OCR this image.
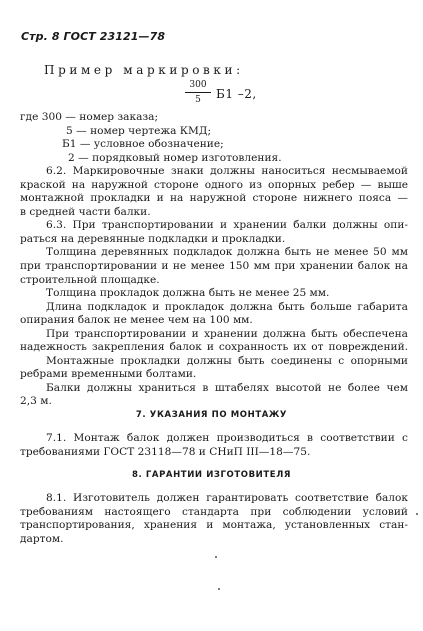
Стр. 8 ГОСТ 23121—78
Пример маркировки:
$\frac{300}{5} Б1$ –2,
где 300 — номер заказа;
5 — номер чертежа КМД;
Б1 — условное обозначение;
2 — порядковый номер изготовления.
6.2. Маркировочные знаки должны наноситься несмываемой
краской на наружной стороне одного из опорных ребер — выше
монтажной прокладки и на наружной стороне нижнего пояса —
в средней части балки.
6.3. При транспортировании и хранении балки должны опи-
раться на деревянные подкладки и прокладки.
Толщина деревянных подкладок должна быть не менее 50 мм
при транспортировании и не менее 150 мм при хранении балок на
строительной площадке.
Толщина прокладок должна быть не менее 25 мм.
Длина подкладок и прокладок должна быть больше габарита
опирания балок не менее чем на 100 мм.
При транспортировании и хранении должна быть обеспечена
надежность закрепления балок и сохранность их от повреждений.
Монтажные прокладки должны быть соединены с опорными
ребрами временными болтами.
Балки должны храниться в штабелях высотой не более чем
2,3 м.
7. УКАЗАНИЯ ПО МОНТАЖУ
7.1. Монтаж балок должен производиться в соответствии с
требованиями ГОСТ 23118—78 и СНиП III—18—75.
8. ГАРАНТИИ ИЗГОТОВИТЕЛЯ
8.1. Изготовитель должен гарантировать соответствие балок
требованиям настоящего стандарта при соблюдении условий
транспортирования, хранения и монтажа, установленных стан-
дартом.
